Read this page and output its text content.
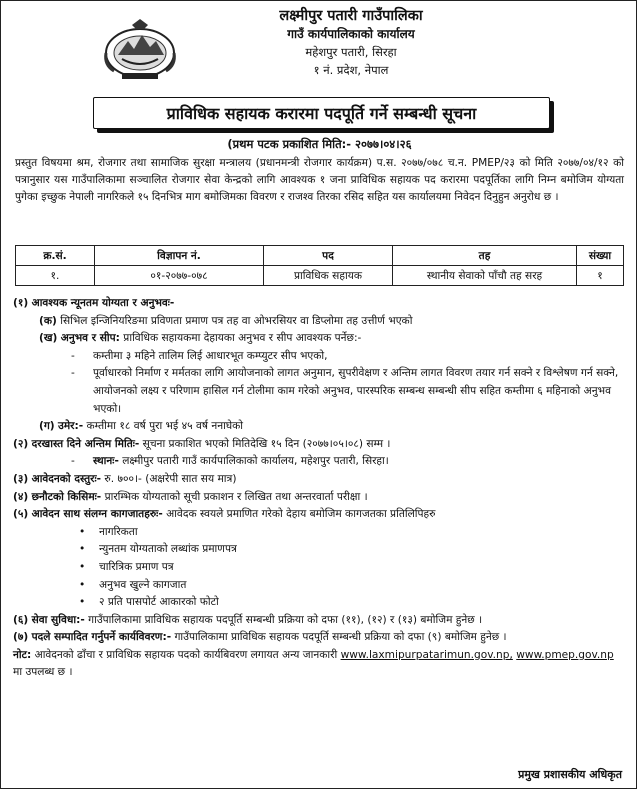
लक्ष्मीपुर पतारी गाउँपालिका
गाउँ कार्यपालिकाको कार्यालय
महेशपुर पतारी, सिरहा
१ नं. प्रदेश, नेपाल
प्राविधिक सहायक करारमा पदपूर्ति गर्ने सम्बन्धी सूचना
(प्रथम पटक प्रकाशित मिति:- २०७७।०४।२६
प्रस्तुत विषयमा श्रम, रोजगार तथा सामाजिक सुरक्षा मन्त्रालय (प्रधानमन्त्री रोजगार कार्यक्रम) प.स. २०७७/०७८ च.न. PMEP/२३ को मिति २०७७/०४/१२ को पत्रानुसार यस गाउँपालिकामा सञ्चालित रोजगार सेवा केन्द्रको लागि आवश्यक १ जना प्राविधिक सहायक पद करारमा पदपूर्तिका लागि निम्न बमोजिम योग्यता पुगेका इच्छुक नेपाली नागरिकले १५ दिनभित्र माग बमोजिमका विवरण र राजश्व तिरका रसिद सहित यस कार्यालयमा निवेदन दिनुहुन अनुरोध छ ।
क्र.सं.	विज्ञापन नं.	पद	तह	संख्या
१.	०१-२०७७-०७८	प्राविधिक सहायक	स्थानीय सेवाको पाँचौ तह सरह	१
(१) आवश्यक न्यूनतम योग्यता र अनुभवः-
(क) सिभिल इन्जिनियरिङमा प्रविणता प्रमाण पत्र तह वा ओभरसियर वा डिप्लोमा तह उत्तीर्ण भएको
(ख) अनुभव र सीप: प्राविधिक सहायकमा देहायका अनुभव र सीप आवश्यक पर्नेछ:-
- कम्तीमा ३ महिने तालिम लिई आधारभूत कम्प्युटर सीप भएको,
- पूर्वाधारको निर्माण र मर्मतका लागि आयोजनाको लागत अनुमान, सुपरीवेक्षण र अन्तिम लागत विवरण तयार गर्न सक्ने र विश्लेषण गर्न सक्ने, आयोजनको लक्ष्य र परिणाम हासिल गर्न टोलीमा काम गरेको अनुभव, पारस्परिक सम्बन्ध सम्बन्धी सीप सहित कम्तीमा ६ महिनाको अनुभव भएको।
(ग) उमेर:- कम्तीमा १८ वर्ष पुरा भई ४५ वर्ष ननाघेको
(२) दरखास्त दिने अन्तिम मितिः- सूचना प्रकाशित भएको मितिदेखि १५ दिन (२०७७।०५।०८) सम्म ।
- स्थानः- लक्ष्मीपुर पतारी गाउँ कार्यपालिकाको कार्यालय, महेशपुर पतारी, सिरहा।
(३) आवेदनको दस्तुरः- रु. ७००।- (अक्षरेपी सात सय मात्र)
(४) छनौटको किसिमः- प्रारम्भिक योग्यताको सूची प्रकाशन र लिखित तथा अन्तरवार्ता परीक्षा ।
(५) आवेदन साथ संलग्न कागजातहरुः- आवेदक स्वयले प्रमाणित गरेको देहाय बमोजिम कागजतका प्रतिलिपिहरु
• नागरिकता
• न्युनतम योग्यताको लब्धांक प्रमाणपत्र
• चारित्रिक प्रमाण पत्र
• अनुभव खुल्ने कागजात
• २ प्रति पासपोर्ट आकारको फोटो
(६) सेवा सुविधा:- गाउँपालिकामा प्राविधिक सहायक पदपूर्ति सम्बन्धी प्रक्रिया को दफा (११), (१२) र (१३) बमोजिम हुनेछ ।
(७) पदले सम्पादित गर्नुपर्ने कार्यविवरण:- गाउँपालिकामा प्राविधिक सहायक पदपूर्ति सम्बन्धी प्रक्रिया को दफा (९) बमोजिम हुनेछ ।
नोट: आवेदनको ढाँचा र प्राविधिक सहायक पदको कार्यबिवरण लगायत अन्य जानकारी www.laxmipurpatarimun.gov.np, www.pmep.gov.np मा उपलब्ध छ ।
प्रमुख प्रशासकीय अधिकृत
